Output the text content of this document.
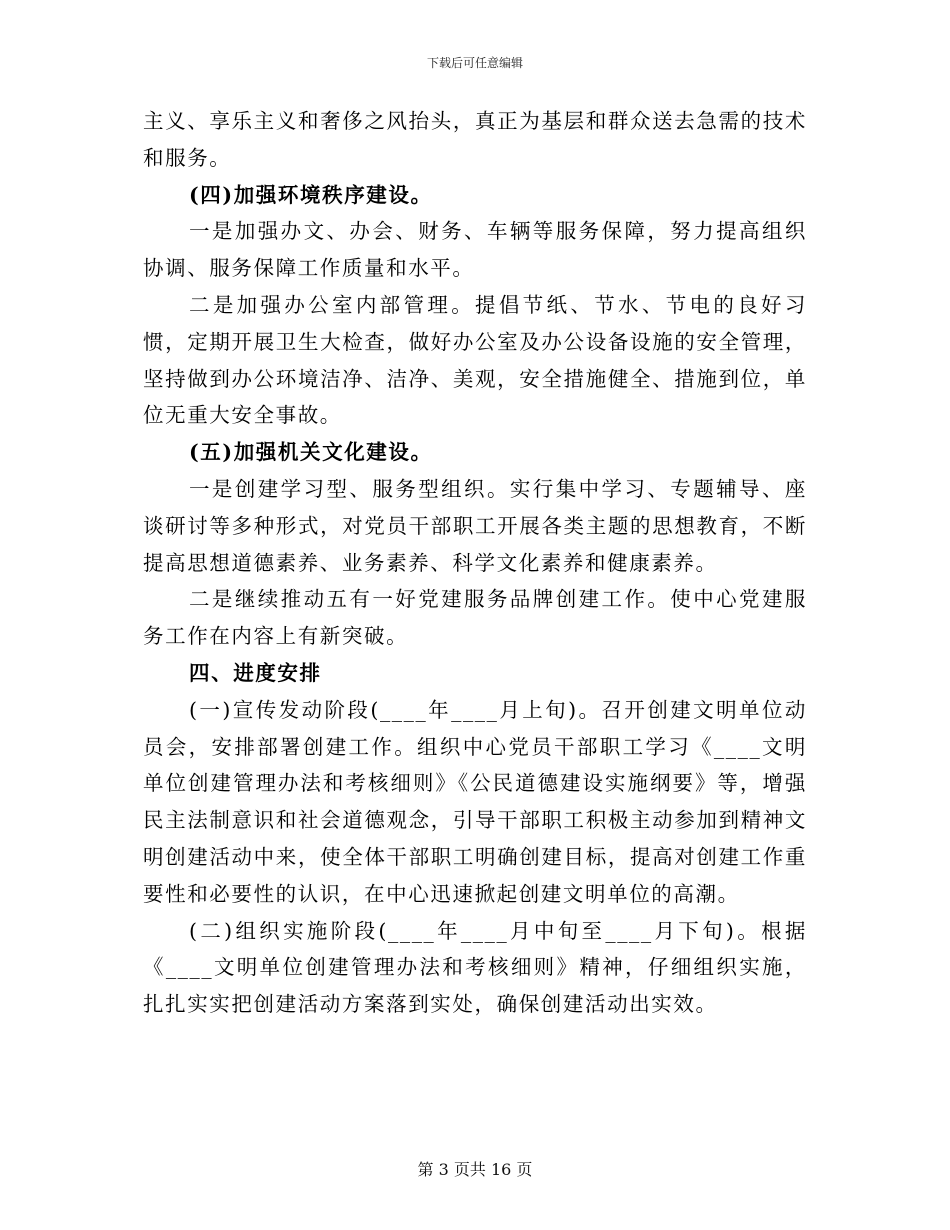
下载后可任意编辑

主义、享乐主义和奢侈之风抬头，真正为基层和群众送去急需的技术和服务。

(四)加强环境秩序建设。

一是加强办文、办会、财务、车辆等服务保障，努力提高组织协调、服务保障工作质量和水平。

二是加强办公室内部管理。提倡节纸、节水、节电的良好习惯，定期开展卫生大检查，做好办公室及办公设备设施的安全管理，坚持做到办公环境洁净、洁净、美观，安全措施健全、措施到位，单位无重大安全事故。

(五)加强机关文化建设。

一是创建学习型、服务型组织。实行集中学习、专题辅导、座谈研讨等多种形式，对党员干部职工开展各类主题的思想教育，不断提高思想道德素养、业务素养、科学文化素养和健康素养。

二是继续推动五有一好党建服务品牌创建工作。使中心党建服务工作在内容上有新突破。

四、进度安排

(一)宣传发动阶段(____年____月上旬)。召开创建文明单位动员会，安排部署创建工作。组织中心党员干部职工学习《____文明单位创建管理办法和考核细则》《公民道德建设实施纲要》等，增强民主法制意识和社会道德观念，引导干部职工积极主动参加到精神文明创建活动中来，使全体干部职工明确创建目标，提高对创建工作重要性和必要性的认识，在中心迅速掀起创建文明单位的高潮。

(二)组织实施阶段(____年____月中旬至____月下旬)。根据《____文明单位创建管理办法和考核细则》精神，仔细组织实施，扎扎实实把创建活动方案落到实处，确保创建活动出实效。

第 3 页共 16 页
